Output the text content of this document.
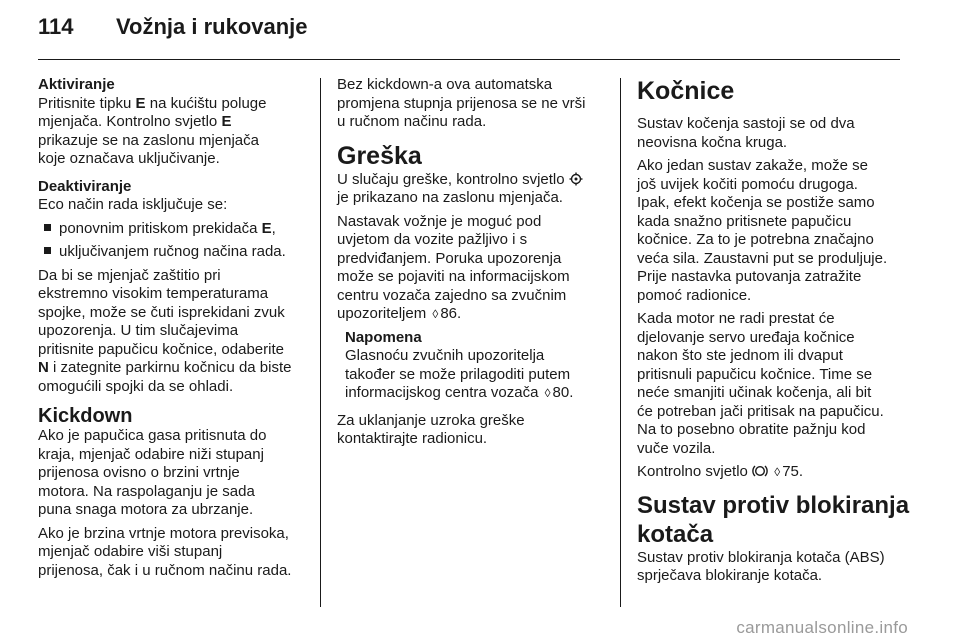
114 Vožnja i rukovanje
Aktiviranje
Pritisnite tipku E na kućištu poluge
mjenjača. Kontrolno svjetlo E
prikazuje se na zaslonu mjenjača
koje označava uključivanje.
Deaktiviranje
Eco način rada isključuje se:
ponovnim pritiskom prekidača E,
uključivanjem ručnog načina rada.
Da bi se mjenjač zaštitio pri
ekstremno visokim temperaturama
spojke, može se čuti isprekidani zvuk
upozorenja. U tim slučajevima
pritisnite papučicu kočnice, odaberite
N i zategnite parkirnu kočnicu da biste
omogućili spojki da se ohladi.
Kickdown
Ako je papučica gasa pritisnuta do
kraja, mjenjač odabire niži stupanj
prijenosa ovisno o brzini vrtnje
motora. Na raspolaganju je sada
puna snaga motora za ubrzanje.
Ako je brzina vrtnje motora previsoka,
mjenjač odabire viši stupanj
prijenosa, čak i u ručnom načinu rada.
Bez kickdown-a ova automatska
promjena stupnja prijenosa se ne vrši
u ručnom načinu rada.
Greška
U slučaju greške, kontrolno svjetlo
je prikazano na zaslonu mjenjača.
Nastavak vožnje je moguć pod
uvjetom da vozite pažljivo i s
predviđanjem. Poruka upozorenja
može se pojaviti na informacijskom
centru vozača zajedno sa zvučnim
upozoriteljem ◊ 86.
Napomena
Glasnoću zvučnih upozoritelja
također se može prilagoditi putem
informacijskog centra vozača ◊ 80.
Za uklanjanje uzroka greške
kontaktirajte radionicu.
Kočnice
Sustav kočenja sastoji se od dva
neovisna kočna kruga.
Ako jedan sustav zakaže, može se
još uvijek kočiti pomoću drugoga.
Ipak, efekt kočenja se postiže samo
kada snažno pritisnete papučicu
kočnice. Za to je potrebna značajno
veća sila. Zaustavni put se produljuje.
Prije nastavka putovanja zatražite
pomoć radionice.
Kada motor ne radi prestat će
djelovanje servo uređaja kočnice
nakon što ste jednom ili dvaput
pritisnuli papučicu kočnice. Time se
neće smanjiti učinak kočenja, ali bit
će potreban jači pritisak na papučicu.
Na to posebno obratite pažnju kod
vuče vozila.
Kontrolno svjetlo ◊ 75.
Sustav protiv blokiranja
kotača
Sustav protiv blokiranja kotača (ABS)
sprječava blokiranje kotača.
carmanualsonline.info
